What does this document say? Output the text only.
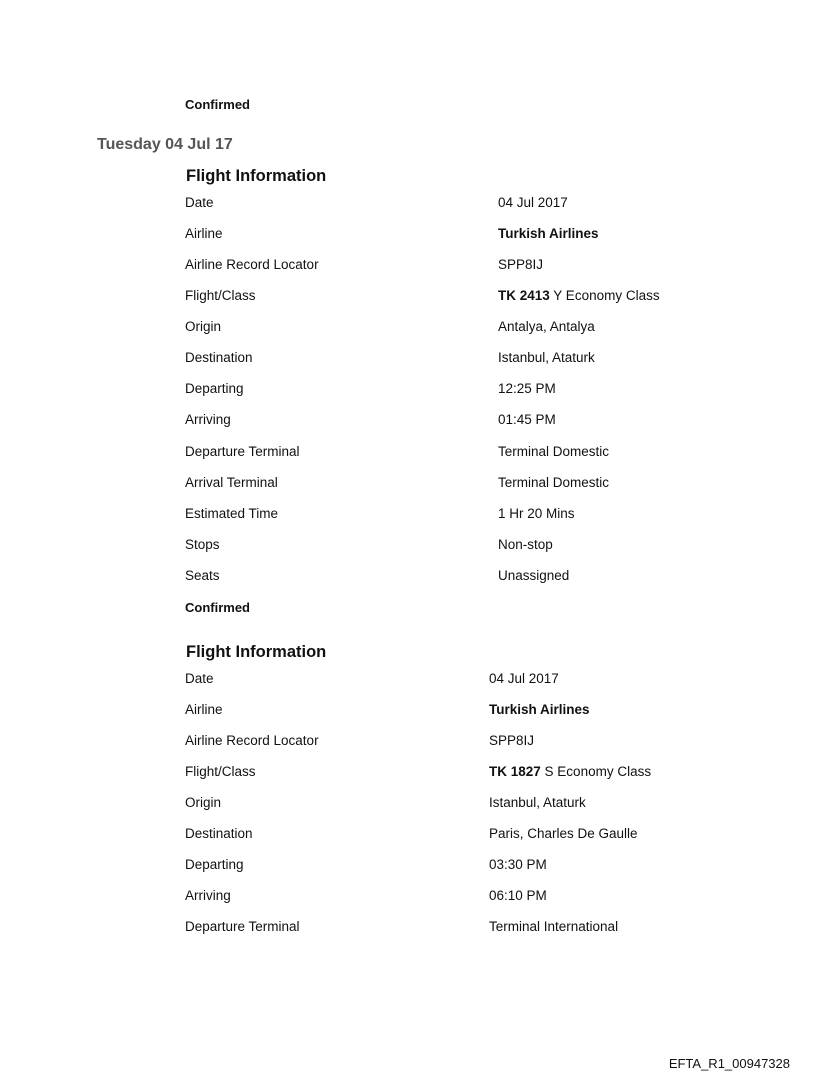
Confirmed
Tuesday 04 Jul 17
Flight Information
Date	04 Jul 2017
Airline	Turkish Airlines
Airline Record Locator	SPP8IJ
Flight/Class	TK 2413 Y Economy Class
Origin	Antalya, Antalya
Destination	Istanbul, Ataturk
Departing	12:25 PM
Arriving	01:45 PM
Departure Terminal	Terminal Domestic
Arrival Terminal	Terminal Domestic
Estimated Time	1 Hr 20 Mins
Stops	Non-stop
Seats	Unassigned
Confirmed
Flight Information
Date	04 Jul 2017
Airline	Turkish Airlines
Airline Record Locator	SPP8IJ
Flight/Class	TK 1827 S Economy Class
Origin	Istanbul, Ataturk
Destination	Paris, Charles De Gaulle
Departing	03:30 PM
Arriving	06:10 PM
Departure Terminal	Terminal International
EFTA_R1_00947328
